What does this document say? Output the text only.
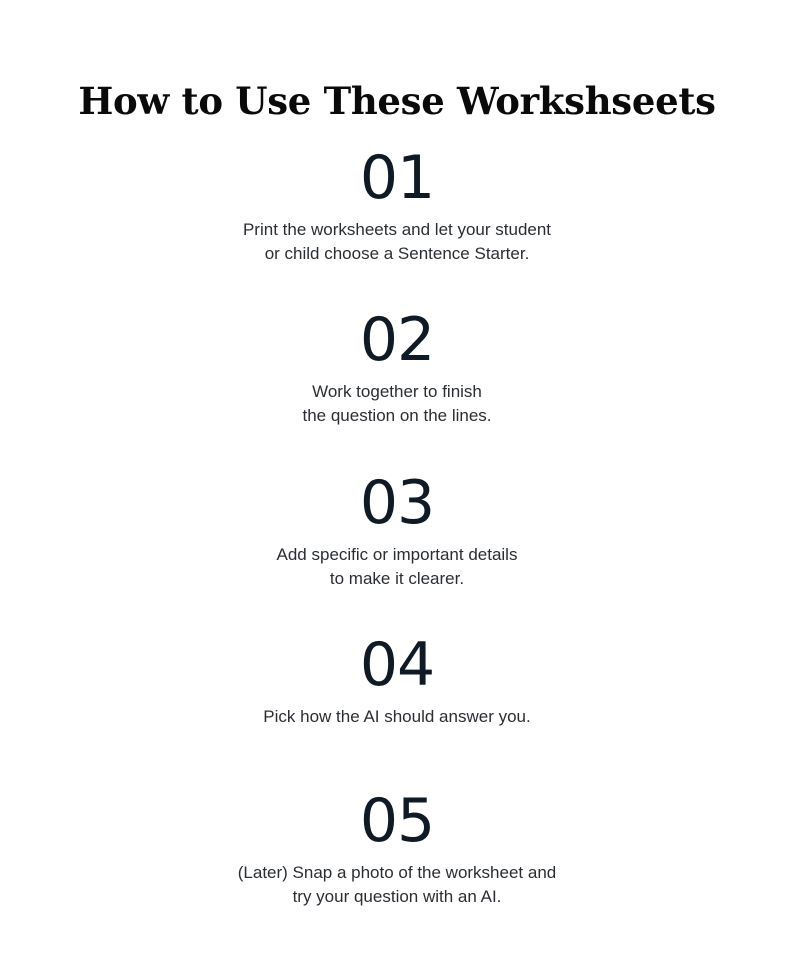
How to Use These Workshseets
01
Print the worksheets and let your student
or child choose a Sentence Starter.
02
Work together to finish
the question on the lines.
03
Add specific or important details
to make it clearer.
04
Pick how the AI should answer you.
05
(Later) Snap a photo of the worksheet and
try your question with an AI.
